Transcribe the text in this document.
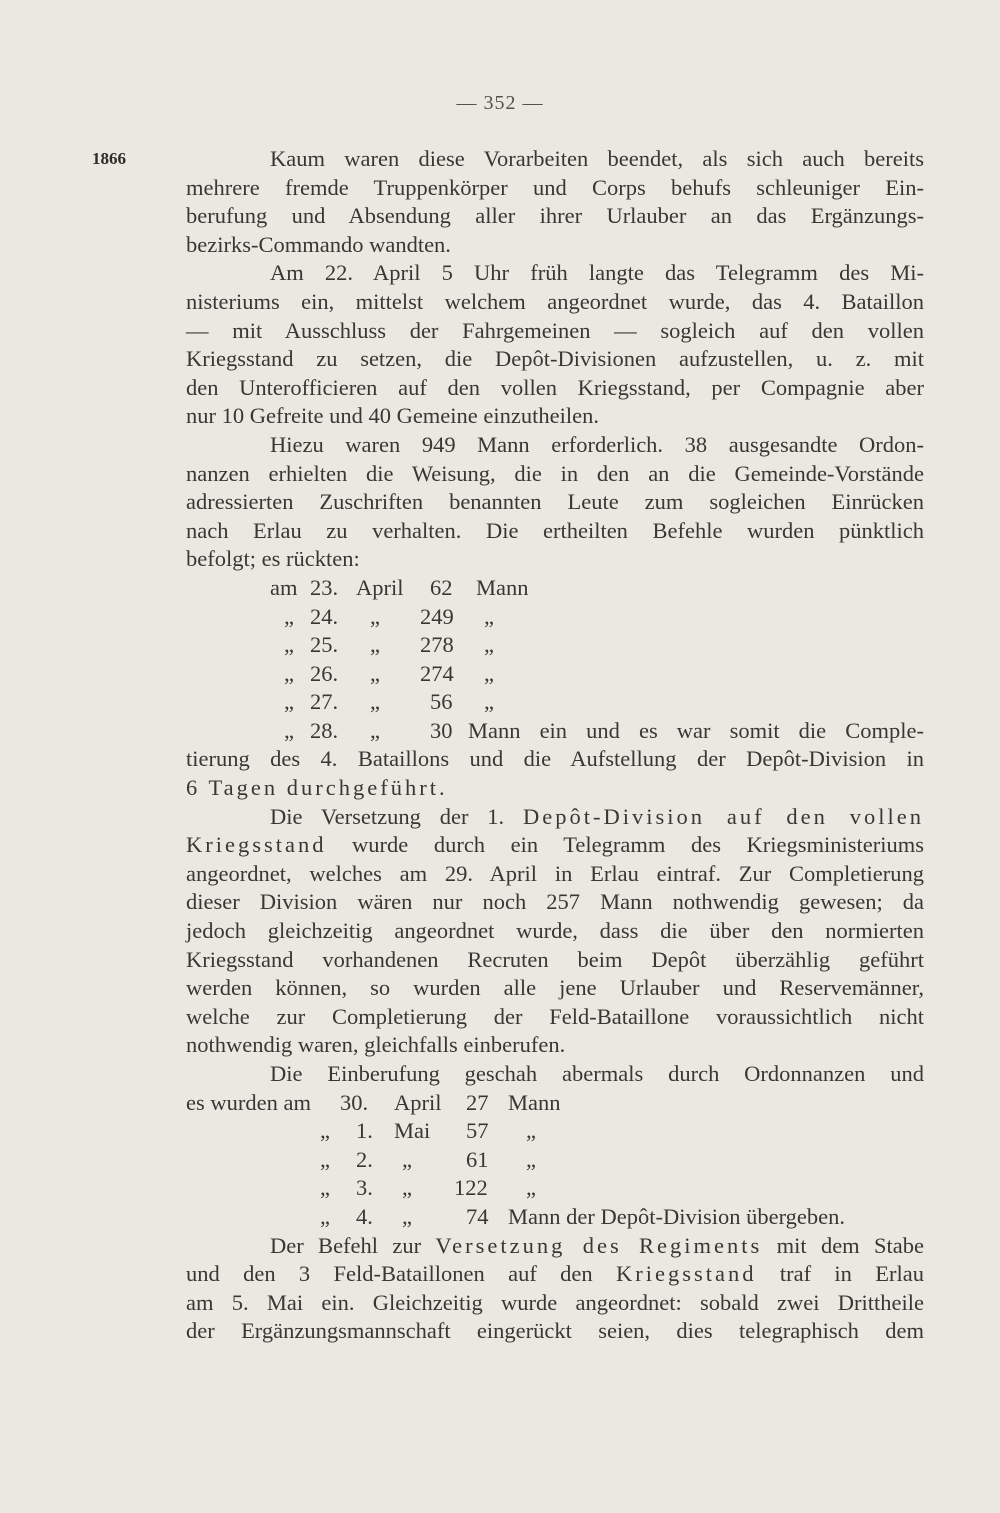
— 352 —
1866	Kaum waren diese Vorarbeiten beendet, als sich auch bereits
mehrere fremde Truppenkörper und Corps behufs schleuniger Ein-
berufung und Absendung aller ihrer Urlauber an das Ergänzungs-
bezirks-Commando wandten.
Am 22. April 5 Uhr früh langte das Telegramm des Mi-
nisteriums ein, mittelst welchem angeordnet wurde, das 4. Bataillon
— mit Ausschluss der Fahrgemeinen — sogleich auf den vollen
Kriegsstand zu setzen, die Depôt-Divisionen aufzustellen, u. z. mit
den Unterofficieren auf den vollen Kriegsstand, per Compagnie aber
nur 10 Gefreite und 40 Gemeine einzutheilen.
Hiezu waren 949 Mann erforderlich. 38 ausgesandte Ordon-
nanzen erhielten die Weisung, die in den an die Gemeinde-Vorstände
adressierten Zuschriften benannten Leute zum sogleichen Einrücken
nach Erlau zu verhalten. Die ertheilten Befehle wurden pünktlich
befolgt; es rückten:
am 23. April 62 Mann
„ 24. „ 249 „
„ 25. „ 278 „
„ 26. „ 274 „
„ 27. „ 56 „
„ 28. „ 30 Mann ein und es war somit die Comple-
tierung des 4. Bataillons und die Aufstellung der Depôt-Division in
6 Tagen durchgeführt.
Die Versetzung der 1. Depôt-Division auf den vollen
Kriegsstand wurde durch ein Telegramm des Kriegsministeriums
angeordnet, welches am 29. April in Erlau eintraf. Zur Completierung
dieser Division wären nur noch 257 Mann nothwendig gewesen; da
jedoch gleichzeitig angeordnet wurde, dass die über den normierten
Kriegsstand vorhandenen Recruten beim Depôt überzählig geführt
werden können, so wurden alle jene Urlauber und Reservemänner,
welche zur Completierung der Feld-Bataillone voraussichtlich nicht
nothwendig waren, gleichfalls einberufen.
Die Einberufung geschah abermals durch Ordonnanzen und
es wurden am 30. April 27 Mann
„ 1. Mai 57 „
„ 2. „ 61 „
„ 3. „ 122 „
„ 4. „ 74 Mann der Depôt-Division übergeben.
Der Befehl zur Versetzung des Regiments mit dem Stabe
und den 3 Feld-Bataillonen auf den Kriegsstand traf in Erlau
am 5. Mai ein. Gleichzeitig wurde angeordnet: sobald zwei Drittheile
der Ergänzungsmannschaft eingerückt seien, dies telegraphisch dem
